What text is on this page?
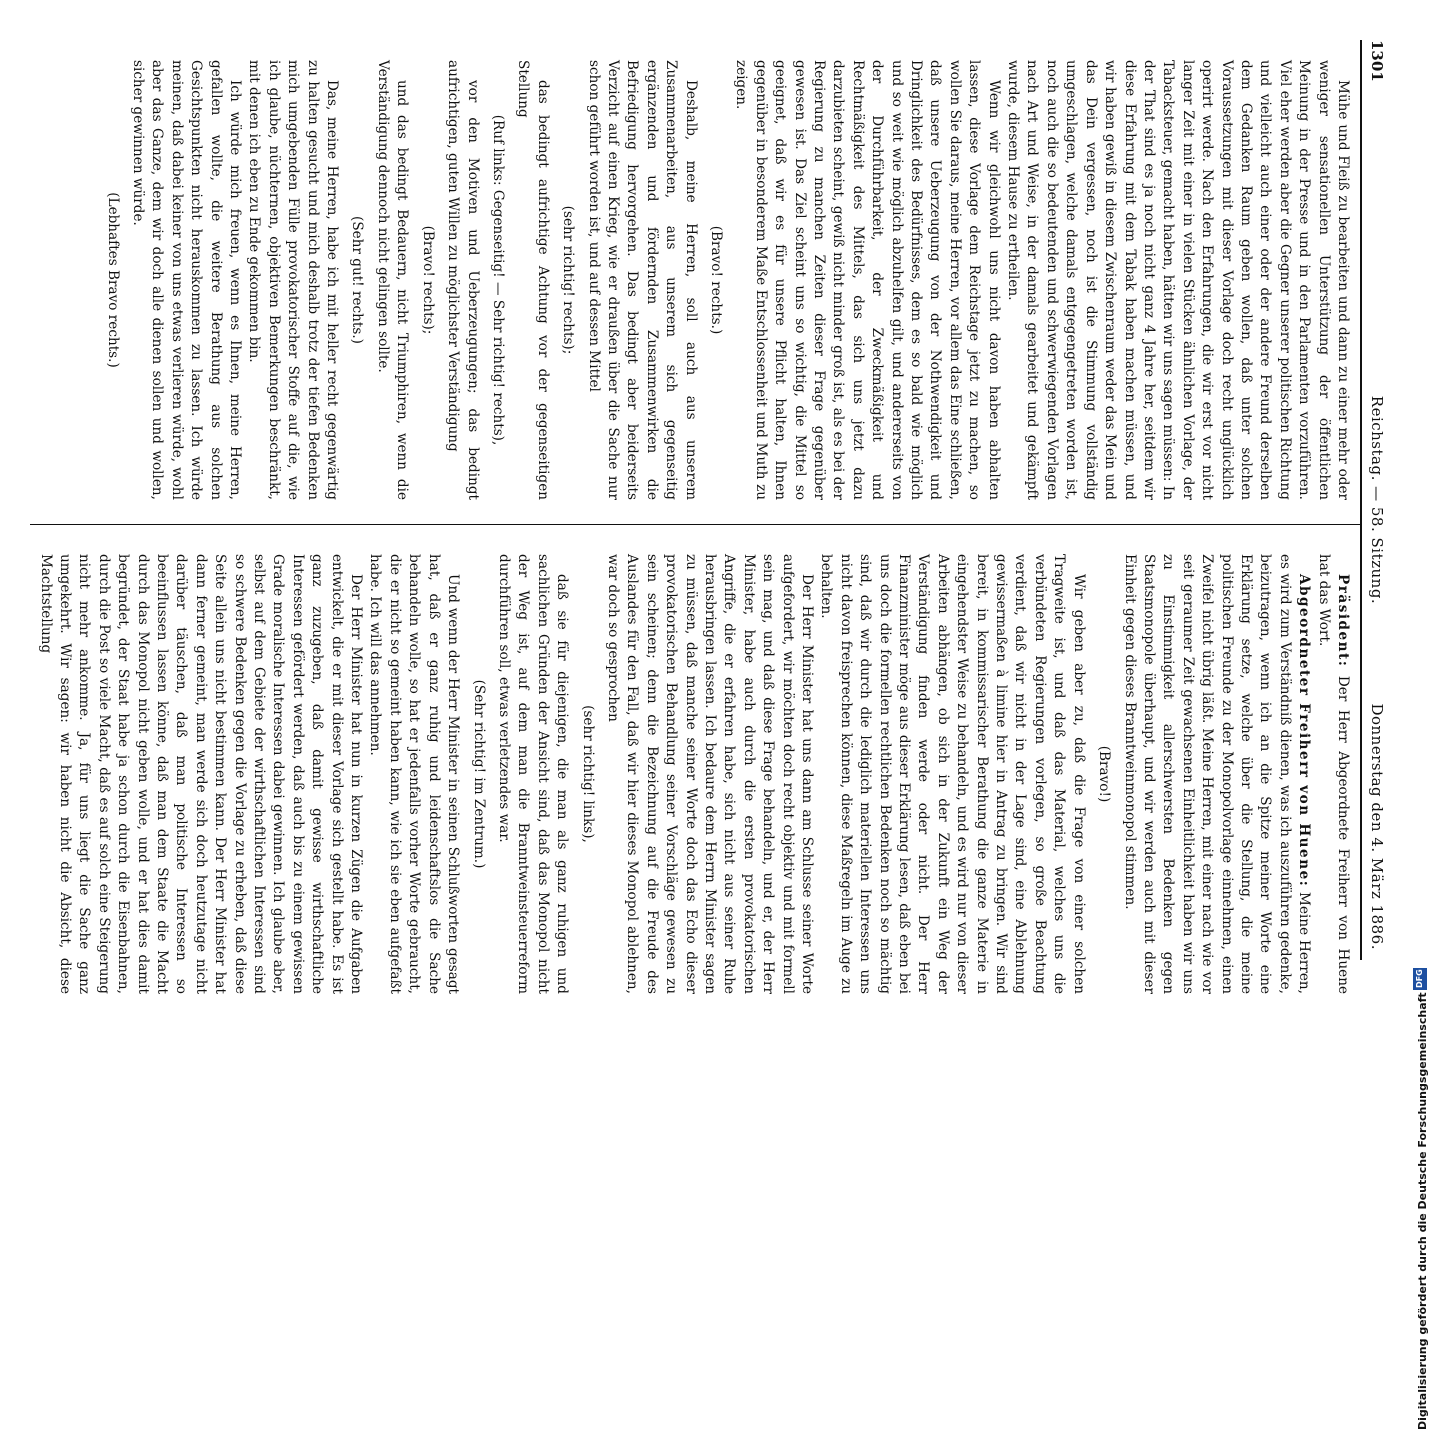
1301
Reichstag. — 58. Sitzung.
Donnerstag den 4. März 1886.

Mühe und Fleiß zu bearbeiten und dann zu einer mehr oder weniger sensationellen Unterstützung der öffentlichen Meinung in der Presse und in den Parlamenten vorzuführen. Viel eher werden aber die Gegner unserer politischen Richtung und vielleicht auch einer oder der andere Freund derselben dem Gedanken Raum geben wollen, daß unter solchen Voraussetzungen mit dieser Vorlage doch recht unglücklich operirt werde. Nach den Erfahrungen, die wir erst vor nicht langer Zeit mit einer in vielen Stücken ähnlichen Vorlage, der Tabacksteuer, gemacht haben, hätten wir uns sagen müssen: In der That sind es ja noch nicht ganz 4 Jahre her, seitdem wir diese Erfahrung mit dem Tabak haben machen müssen, und wir haben gewiß in diesem Zwischenraum weder das Mein und das Dein vergessen, noch ist die Stimmung vollständig umgeschlagen, welche damals entgegengetreten worden ist, noch auch die so bedeutenden und schwerwiegenden Vorlagen nach Art und Weise, in der damals gearbeitet und gekämpft wurde, diesem Hause zu ertheilen.

Wenn wir gleichwohl uns nicht davon haben abhalten lassen, diese Vorlage dem Reichstage jetzt zu machen, so wollen Sie daraus, meine Herren, vor allem das Eine schließen, daß unsere Ueberzeugung von der Nothwendigkeit und Dringlichkeit des Bedürfnisses, dem es so bald wie möglich und so weit wie möglich abzuhelfen gilt, und andererseits von der Durchführbarkeit, der Zweckmäßigkeit und Rechtmäßigkeit des Mittels, das sich uns jetzt dazu darzubieten scheint, gewiß nicht minder groß ist, als es bei der Regierung zu manchen Zeiten dieser Frage gegenüber gewesen ist. Das Ziel scheint uns so wichtig, die Mittel so geeignet, daß wir es für unsere Pflicht halten, Ihnen gegenüber in besonderem Maße Entschlossenheit und Muth zu zeigen.

(Bravo! rechts.)

Deshalb, meine Herren, soll auch aus unserem Zusammenarbeiten, aus unserem sich gegenseitig ergänzenden und fördernden Zusammenwirken die Befriedigung hervorgehen. Das bedingt aber beiderseits Verzicht auf einen Krieg, wie er draußen über die Sache nur schon geführt worden ist, und auf dessen Mittel

(sehr richtig! rechts);

das bedingt aufrichtige Achtung vor der gegenseitigen Stellung

(Ruf links: Gegenseitig! — Sehr richtig! rechts),

vor den Motiven und Ueberzeugungen; das bedingt aufrichtigen, guten Willen zu möglichster Verständigung

(Bravo! rechts);

und das bedingt Bedauern, nicht Triumphiren, wenn die Verständigung dennoch nicht gelingen sollte.

(Sehr gut! rechts.)

Das, meine Herren, habe ich mit heller recht gegenwärtig zu halten gesucht und mich deshalb trotz der tiefen Bedenken mich umgebenden Fülle provokatorischer Stoffe auf die, wie ich glaube, nüchternen, objektiven Bemerkungen beschränkt, mit denen ich eben zu Ende gekommen bin.

Ich würde mich freuen, wenn es Ihnen, meine Herren, gefallen wollte, die weitere Berathung aus solchen Gesichtspunkten nicht herauskommen zu lassen. Ich würde meinen, daß dabei keiner von uns etwas verlieren würde, wohl aber das Ganze, dem wir doch alle dienen sollen und wollen, sicher gewinnen würde.

(Lebhaftes Bravo rechts.)

Präsident: Der Herr Abgeordnete Freiherr von Huene hat das Wort.

Abgeordneter Freiherr von Huene: Meine Herren, es wird zum Verständniß dienen, was ich auszuführen gedenke, beizutragen, wenn ich an die Spitze meiner Worte eine Erklärung setze, welche über die Stellung, die meine politischen Freunde zu der Monopolvorlage einnehmen, einen Zweifel nicht übrig läßt. Meine Herren, mit einer nach wie vor seit geraumer Zeit gewachsenen Einheitlichkeit haben wir uns zu Einstimmigkeit allerschwersten Bedenken gegen Staatsmonopole überhaupt, und wir werden auch mit dieser Einheit gegen dieses Branntweinmonopol stimmen.

(Bravo!)

Wir geben aber zu, daß die Frage von einer solchen Tragweite ist, und daß das Material, welches uns die verbündeten Regierungen vorlegen, so große Beachtung verdient, daß wir nicht in der Lage sind, eine Ablehnung gewissermaßen à limine hier in Antrag zu bringen. Wir sind bereit, in kommissarischer Berathung die ganze Materie in eingehendster Weise zu behandeln, und es wird nur von dieser Arbeiten abhängen, ob sich in der Zukunft ein Weg der Verständigung finden werde oder nicht. Der Herr Finanzminister möge aus dieser Erklärung lesen, daß eben bei uns doch die formellen rechtlichen Bedenken noch so mächtig sind, daß wir durch die lediglich materiellen Interessen uns nicht davon freisprechen können, diese Maßregeln im Auge zu behalten.

Der Herr Minister hat uns dann am Schlusse seiner Worte aufgefordert, wir möchten doch recht objektiv und mit formell sein mag, und daß diese Frage behandeln, und er, der Herr Minister, habe auch durch die ersten provokatorischen Angriffe, die er erfahren habe, sich nicht aus seiner Ruhe herausbringen lassen. Ich bedaure dem Herrn Minister sagen zu müssen, daß manche seiner Worte doch das Echo dieser provokatorischen Behandlung seiner Vorschläge gewesen zu sein scheinen; denn die Bezeichnung auf die Freude des Auslandes für den Fall, daß wir hier dieses Monopol ablehnen, war doch so gesprochen

(sehr richtig! links),

daß sie für diejenigen, die man als ganz ruhigen und sachlichen Gründen der Ansicht sind, daß das Monopol nicht der Weg ist, auf dem man die Branntweinsteuerreform durchführen soll, etwas verletzendes war.

(Sehr richtig! im Zentrum.)

Und wenn der Herr Minister in seinen Schlußworten gesagt hat, daß er ganz ruhig und leidenschaftslos die Sache behandeln wolle, so hat er jedenfalls vorher Worte gebraucht, die er nicht so gemeint haben kann, wie ich sie eben aufgefaßt habe. Ich will das annehmen.

Der Herr Minister hat nun in kurzen Zügen die Aufgaben entwickelt, die er mit dieser Vorlage sich gestellt habe. Es ist ganz zuzugeben, daß damit gewisse wirthschaftliche Interessen gefördert werden, daß auch bis zu einem gewissen Grade moralische Interessen dabei gewinnen. Ich glaube aber, selbst auf dem Gebiete der wirthschaftlichen Interessen sind so schwere Bedenken gegen die Vorlage zu erheben, daß diese Seite allein uns nicht bestimmen kann. Der Herr Minister hat dann ferner gemeint, man werde sich doch heutzutage nicht darüber täuschen, daß man politische Interessen so beeinflussen lassen könne, daß man dem Staate die Macht durch das Monopol nicht geben wolle, und er hat dies damit begründet, der Staat habe ja schon durch die Eisenbahnen, durch die Post so viele Macht, daß es auf solch eine Steigerung nicht mehr ankomme. Ja, für uns liegt die Sache ganz umgekehrt. Wir sagen: wir haben nicht die Absicht, diese Machtstellung

Digitalisierung gefördert durch die Deutsche Forschungsgemeinschaft
DFG
